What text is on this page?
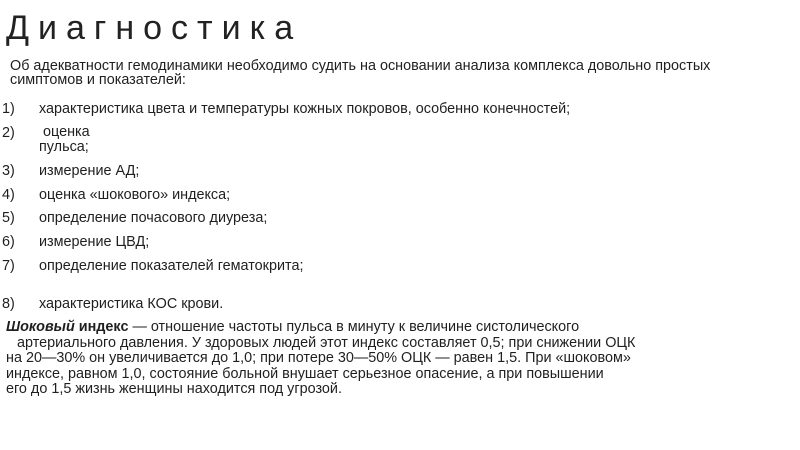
Диагностика

Об адекватности гемодинамики необходимо судить на основании анализа комплекса довольно простых симптомов и показателей:

1) характеристика цвета и температуры кожных покровов, особенно конечностей;
2) оценка
пульса;
3) измерение АД;
4) оценка «шокового» индекса;
5) определение почасового диуреза;
6) измерение ЦВД;
7) определение показателей гематокрита;
8) характеристика КОС крови.

Шоковый индекс — отношение частоты пульса в минуту к величине систолического
артериального давления. У здоровых людей этот индекс составляет 0,5; при снижении ОЦК
на 20—30% он увеличивается до 1,0; при потере 30—50% ОЦК — равен 1,5. При «шоковом»
индексе, равном 1,0, состояние больной внушает серьезное опасение, а при повышении
его до 1,5 жизнь женщины находится под угрозой.
